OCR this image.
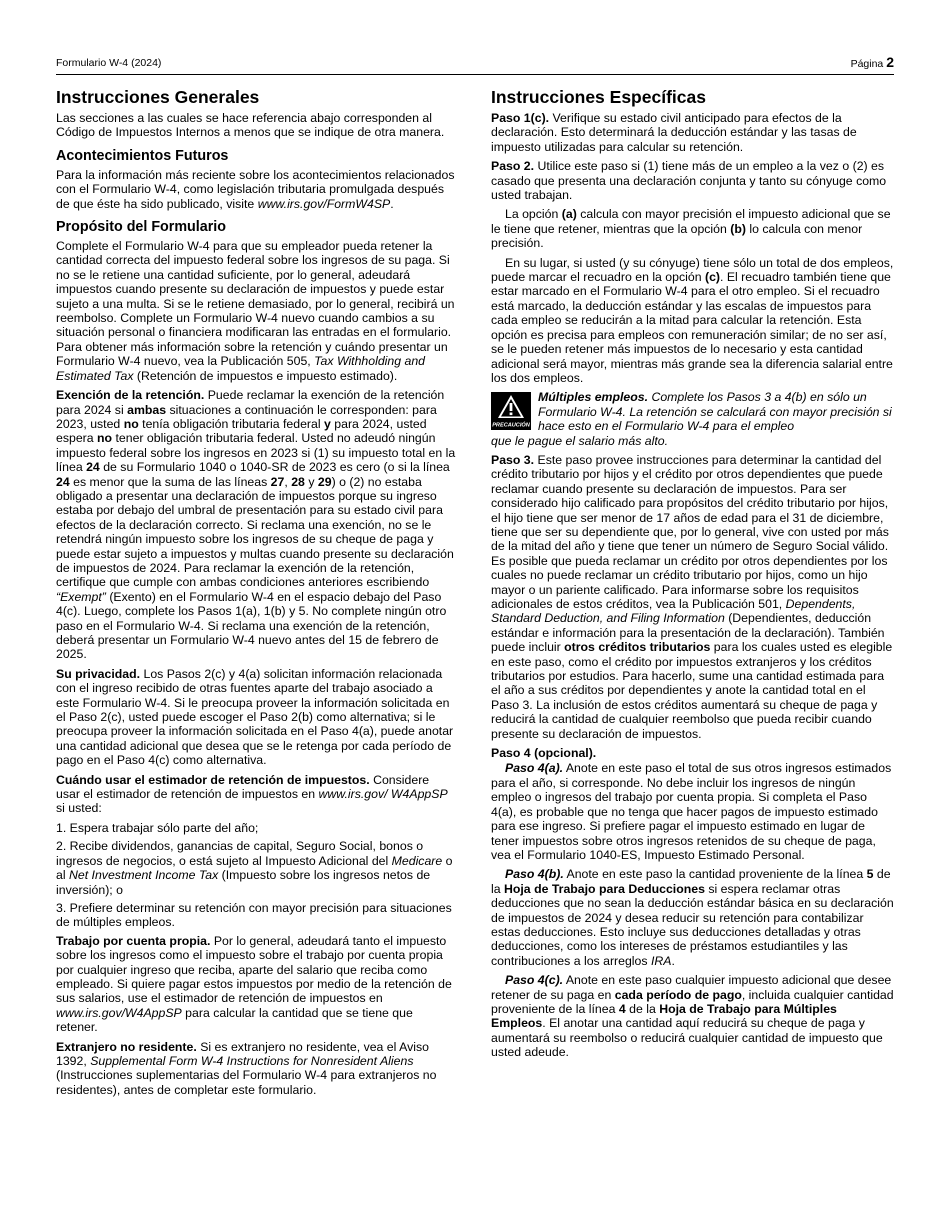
Formulario W-4 (2024)	Página 2
Instrucciones Generales

Las secciones a las cuales se hace referencia abajo corresponden al Código de Impuestos Internos a menos que se indique de otra manera.

Acontecimientos Futuros

Para la información más reciente sobre los acontecimientos relacionados con el Formulario W-4, como legislación tributaria promulgada después de que éste ha sido publicado, visite www.irs.gov/FormW4SP.

Propósito del Formulario

Complete el Formulario W-4 para que su empleador pueda retener la cantidad correcta del impuesto federal sobre los ingresos de su paga. Si no se le retiene una cantidad suficiente, por lo general, adeudará impuestos cuando presente su declaración de impuestos y puede estar sujeto a una multa. Si se le retiene demasiado, por lo general, recibirá un reembolso. Complete un Formulario W-4 nuevo cuando cambios a su situación personal o financiera modificaran las entradas en el formulario. Para obtener más información sobre la retención y cuándo presentar un Formulario W-4 nuevo, vea la Publicación 505, Tax Withholding and Estimated Tax (Retención de impuestos e impuesto estimado).

Exención de la retención. Puede reclamar la exención de la retención para 2024 si ambas situaciones a continuación le corresponden: para 2023, usted no tenía obligación tributaria federal y para 2024, usted espera no tener obligación tributaria federal. Usted no adeudó ningún impuesto federal sobre los ingresos en 2023 si (1) su impuesto total en la línea 24 de su Formulario 1040 o 1040-SR de 2023 es cero (o si la línea 24 es menor que la suma de las líneas 27, 28 y 29) o (2) no estaba obligado a presentar una declaración de impuestos porque su ingreso estaba por debajo del umbral de presentación para su estado civil para efectos de la declaración correcto. Si reclama una exención, no se le retendrá ningún impuesto sobre los ingresos de su cheque de paga y puede estar sujeto a impuestos y multas cuando presente su declaración de impuestos de 2024. Para reclamar la exención de la retención, certifique que cumple con ambas condiciones anteriores escribiendo “Exempt” (Exento) en el Formulario W-4 en el espacio debajo del Paso 4(c). Luego, complete los Pasos 1(a), 1(b) y 5. No complete ningún otro paso en el Formulario W-4. Si reclama una exención de la retención, deberá presentar un Formulario W-4 nuevo antes del 15 de febrero de 2025.

Su privacidad. Los Pasos 2(c) y 4(a) solicitan información relacionada con el ingreso recibido de otras fuentes aparte del trabajo asociado a este Formulario W-4. Si le preocupa proveer la información solicitada en el Paso 2(c), usted puede escoger el Paso 2(b) como alternativa; si le preocupa proveer la información solicitada en el Paso 4(a), puede anotar una cantidad adicional que desea que se le retenga por cada período de pago en el Paso 4(c) como alternativa.

Cuándo usar el estimador de retención de impuestos. Considere usar el estimador de retención de impuestos en www.irs.gov/ W4AppSP si usted:

1. Espera trabajar sólo parte del año;

2. Recibe dividendos, ganancias de capital, Seguro Social, bonos o ingresos de negocios, o está sujeto al Impuesto Adicional del Medicare o al Net Investment Income Tax (Impuesto sobre los ingresos netos de inversión); o

3. Prefiere determinar su retención con mayor precisión para situaciones de múltiples empleos.

Trabajo por cuenta propia. Por lo general, adeudará tanto el impuesto sobre los ingresos como el impuesto sobre el trabajo por cuenta propia por cualquier ingreso que reciba, aparte del salario que reciba como empleado. Si quiere pagar estos impuestos por medio de la retención de sus salarios, use el estimador de retención de impuestos en www.irs.gov/W4AppSP para calcular la cantidad que se tiene que retener.

Extranjero no residente. Si es extranjero no residente, vea el Aviso 1392, Supplemental Form W-4 Instructions for Nonresident Aliens (Instrucciones suplementarias del Formulario W-4 para extranjeros no residentes), antes de completar este formulario.

Instrucciones Específicas

Paso 1(c). Verifique su estado civil anticipado para efectos de la declaración. Esto determinará la deducción estándar y las tasas de impuesto utilizadas para calcular su retención.

Paso 2. Utilice este paso si (1) tiene más de un empleo a la vez o (2) es casado que presenta una declaración conjunta y tanto su cónyuge como usted trabajan.

La opción (a) calcula con mayor precisión el impuesto adicional que se le tiene que retener, mientras que la opción (b) lo calcula con menor precisión.

En su lugar, si usted (y su cónyuge) tiene sólo un total de dos empleos, puede marcar el recuadro en la opción (c). El recuadro también tiene que estar marcado en el Formulario W-4 para el otro empleo. Si el recuadro está marcado, la deducción estándar y las escalas de impuestos para cada empleo se reducirán a la mitad para calcular la retención. Esta opción es precisa para empleos con remuneración similar; de no ser así, se le pueden retener más impuestos de lo necesario y esta cantidad adicional será mayor, mientras más grande sea la diferencia salarial entre los dos empleos.

PRECAUCIÓN
Múltiples empleos. Complete los Pasos 3 a 4(b) en sólo un Formulario W-4. La retención se calculará con mayor precisión si hace esto en el Formulario W-4 para el empleo
que le pague el salario más alto.

Paso 3. Este paso provee instrucciones para determinar la cantidad del crédito tributario por hijos y el crédito por otros dependientes que puede reclamar cuando presente su declaración de impuestos. Para ser considerado hijo calificado para propósitos del crédito tributario por hijos, el hijo tiene que ser menor de 17 años de edad para el 31 de diciembre, tiene que ser su dependiente que, por lo general, vive con usted por más de la mitad del año y tiene que tener un número de Seguro Social válido. Es posible que pueda reclamar un crédito por otros dependientes por los cuales no puede reclamar un crédito tributario por hijos, como un hijo mayor o un pariente calificado. Para informarse sobre los requisitos adicionales de estos créditos, vea la Publicación 501, Dependents, Standard Deduction, and Filing Information (Dependientes, deducción estándar e información para la presentación de la declaración). También puede incluir otros créditos tributarios para los cuales usted es elegible en este paso, como el crédito por impuestos extranjeros y los créditos tributarios por estudios. Para hacerlo, sume una cantidad estimada para el año a sus créditos por dependientes y anote la cantidad total en el Paso 3. La inclusión de estos créditos aumentará su cheque de paga y reducirá la cantidad de cualquier reembolso que pueda recibir cuando presente su declaración de impuestos.

Paso 4 (opcional).

Paso 4(a). Anote en este paso el total de sus otros ingresos estimados para el año, si corresponde. No debe incluir los ingresos de ningún empleo o ingresos del trabajo por cuenta propia. Si completa el Paso 4(a), es probable que no tenga que hacer pagos de impuesto estimado para ese ingreso. Si prefiere pagar el impuesto estimado en lugar de tener impuestos sobre otros ingresos retenidos de su cheque de paga, vea el Formulario 1040-ES, Impuesto Estimado Personal.

Paso 4(b). Anote en este paso la cantidad proveniente de la línea 5 de la Hoja de Trabajo para Deducciones si espera reclamar otras deducciones que no sean la deducción estándar básica en su declaración de impuestos de 2024 y desea reducir su retención para contabilizar estas deducciones. Esto incluye sus deducciones detalladas y otras deducciones, como los intereses de préstamos estudiantiles y las contribuciones a los arreglos IRA.

Paso 4(c). Anote en este paso cualquier impuesto adicional que desee retener de su paga en cada período de pago, incluida cualquier cantidad proveniente de la línea 4 de la Hoja de Trabajo para Múltiples Empleos. El anotar una cantidad aquí reducirá su cheque de paga y aumentará su reembolso o reducirá cualquier cantidad de impuesto que usted adeude.
